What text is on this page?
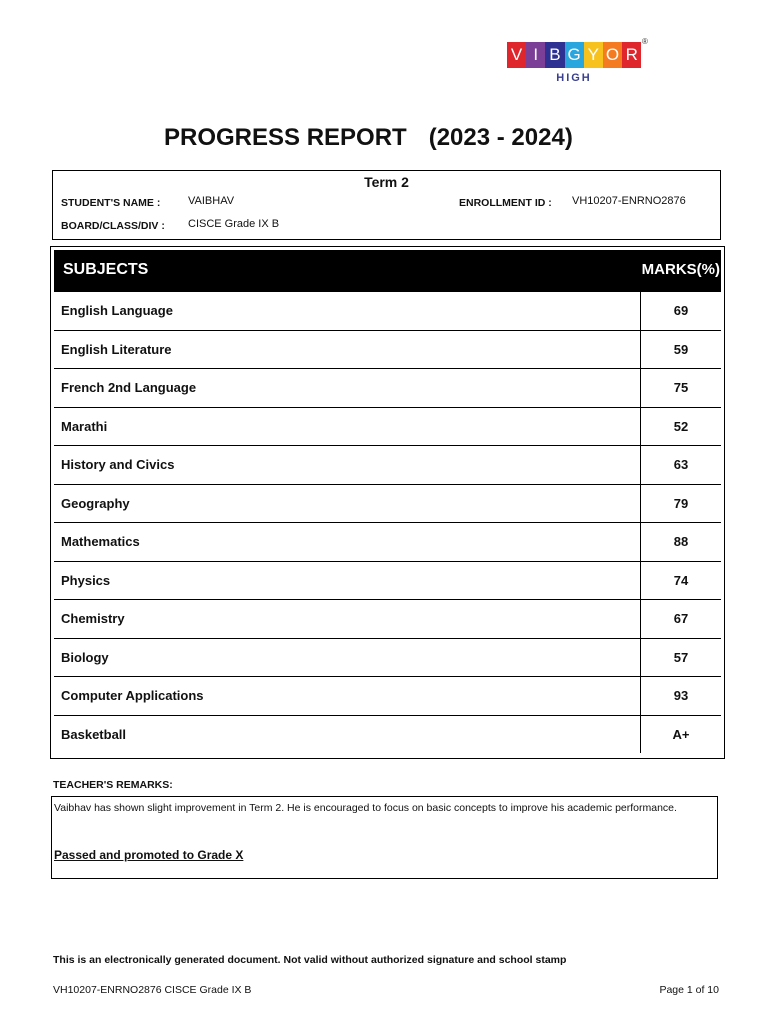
V I B G Y O R
®
HIGH
PROGRESS REPORT (2023 - 2024)
Term 2
STUDENT'S NAME :	VAIBHAV	ENROLLMENT ID : VH10207-ENRNO2876
BOARD/CLASS/DIV : CISCE Grade IX B
SUBJECTS	MARKS(%)
English Language	69
English Literature	59
French 2nd Language	75
Marathi	52
History and Civics	63
Geography	79
Mathematics	88
Physics	74
Chemistry	67
Biology	57
Computer Applications	93
Basketball	A+
TEACHER'S REMARKS:
Vaibhav has shown slight improvement in Term 2. He is encouraged to focus on basic concepts to improve his academic performance.
Passed and promoted to Grade X
This is an electronically generated document. Not valid without authorized signature and school stamp
VH10207-ENRNO2876 CISCE Grade IX B	Page 1 of 10
